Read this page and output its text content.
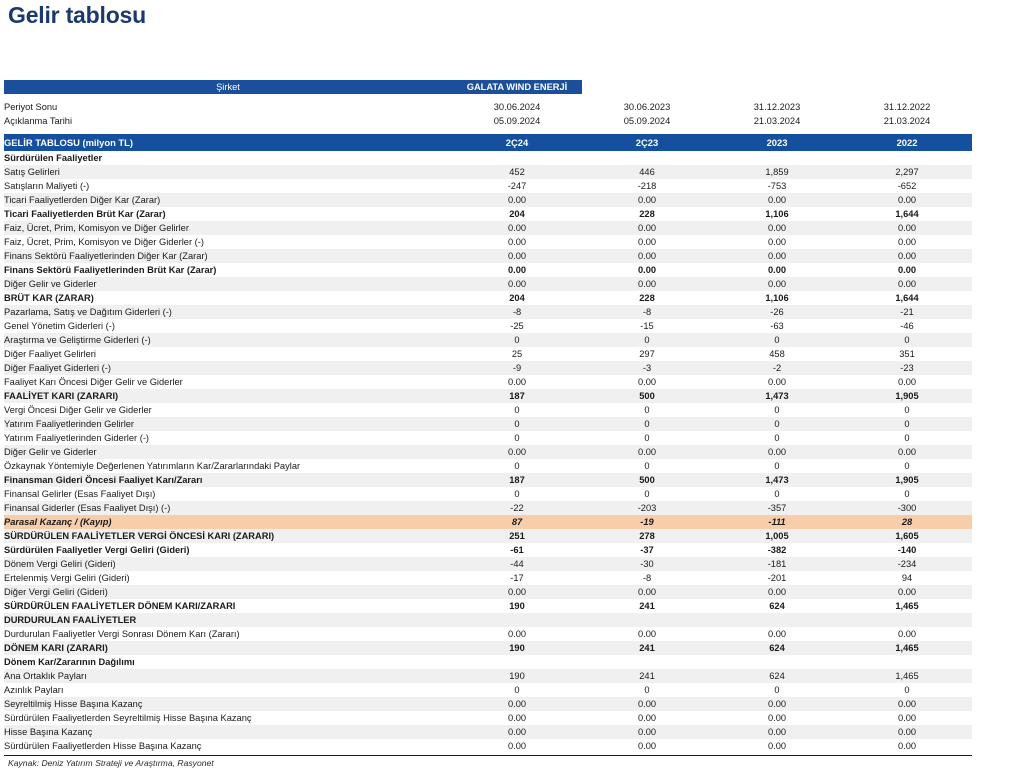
Gelir tablosu
Şirket	GALATA WIND ENERJİ			

Periyot Sonu	30.06.2024	30.06.2023	31.12.2023	31.12.2022
Açıklanma Tarihi	05.09.2024	05.09.2024	21.03.2024	21.03.2024

GELİR TABLOSU (milyon TL)	2Ç24	2Ç23	2023	2022
Sürdürülen Faaliyetler				
Satış Gelirleri	452	446	1,859	2,297
Satışların Maliyeti (-)	-247	-218	-753	-652
Ticari Faaliyetlerden Diğer Kar (Zarar)	0.00	0.00	0.00	0.00
Ticari Faaliyetlerden Brüt Kar (Zarar)	204	228	1,106	1,644
Faiz, Ücret, Prim, Komisyon ve Diğer Gelirler	0.00	0.00	0.00	0.00
Faiz, Ücret, Prim, Komisyon ve Diğer Giderler (-)	0.00	0.00	0.00	0.00
Finans Sektörü Faaliyetlerinden Diğer Kar (Zarar)	0.00	0.00	0.00	0.00
Finans Sektörü Faaliyetlerinden Brüt Kar (Zarar)	0.00	0.00	0.00	0.00
Diğer Gelir ve Giderler	0.00	0.00	0.00	0.00
BRÜT KAR (ZARAR)	204	228	1,106	1,644
Pazarlama, Satış ve Dağıtım Giderleri (-)	-8	-8	-26	-21
Genel Yönetim Giderleri (-)	-25	-15	-63	-46
Araştırma ve Geliştirme Giderleri (-)	0	0	0	0
Diğer Faaliyet Gelirleri	25	297	458	351
Diğer Faaliyet Giderleri (-)	-9	-3	-2	-23
Faaliyet Karı Öncesi Diğer Gelir ve Giderler	0.00	0.00	0.00	0.00
FAALİYET KARI (ZARARI)	187	500	1,473	1,905
Vergi Öncesi Diğer Gelir ve Giderler	0	0	0	0
Yatırım Faaliyetlerinden Gelirler	0	0	0	0
Yatırım Faaliyetlerinden Giderler (-)	0	0	0	0
Diğer Gelir ve Giderler	0.00	0.00	0.00	0.00
Özkaynak Yöntemiyle Değerlenen Yatırımların Kar/Zararlarındaki Paylar	0	0	0	0
Finansman Gideri Öncesi Faaliyet Karı/Zararı	187	500	1,473	1,905
Finansal Gelirler (Esas Faaliyet Dışı)	0	0	0	0
Finansal Giderler (Esas Faaliyet Dışı) (-)	-22	-203	-357	-300
Parasal Kazanç / (Kayıp)	87	-19	-111	28
SÜRDÜRÜLEN FAALİYETLER VERGİ ÖNCESİ KARI (ZARARI)	251	278	1,005	1,605
Sürdürülen Faaliyetler Vergi Geliri (Gideri)	-61	-37	-382	-140
Dönem Vergi Geliri (Gideri)	-44	-30	-181	-234
Ertelenmiş Vergi Geliri (Gideri)	-17	-8	-201	94
Diğer Vergi Geliri (Gideri)	0.00	0.00	0.00	0.00
SÜRDÜRÜLEN FAALİYETLER DÖNEM KARI/ZARARI	190	241	624	1,465
DURDURULAN FAALİYETLER				
Durdurulan Faaliyetler Vergi Sonrası Dönem Karı (Zararı)	0.00	0.00	0.00	0.00
DÖNEM KARI (ZARARI)	190	241	624	1,465
Dönem Kar/Zararının Dağılımı				
Ana Ortaklık Payları	190	241	624	1,465
Azınlık Payları	0	0	0	0
Seyreltilmiş Hisse Başına Kazanç	0.00	0.00	0.00	0.00
Sürdürülen Faaliyetlerden Seyreltilmiş Hisse Başına Kazanç	0.00	0.00	0.00	0.00
Hisse Başına Kazanç	0.00	0.00	0.00	0.00
Sürdürülen Faaliyetlerden Hisse Başına Kazanç	0.00	0.00	0.00	0.00
Kaynak: Deniz Yatırım Strateji ve Araştırma, Rasyonet
